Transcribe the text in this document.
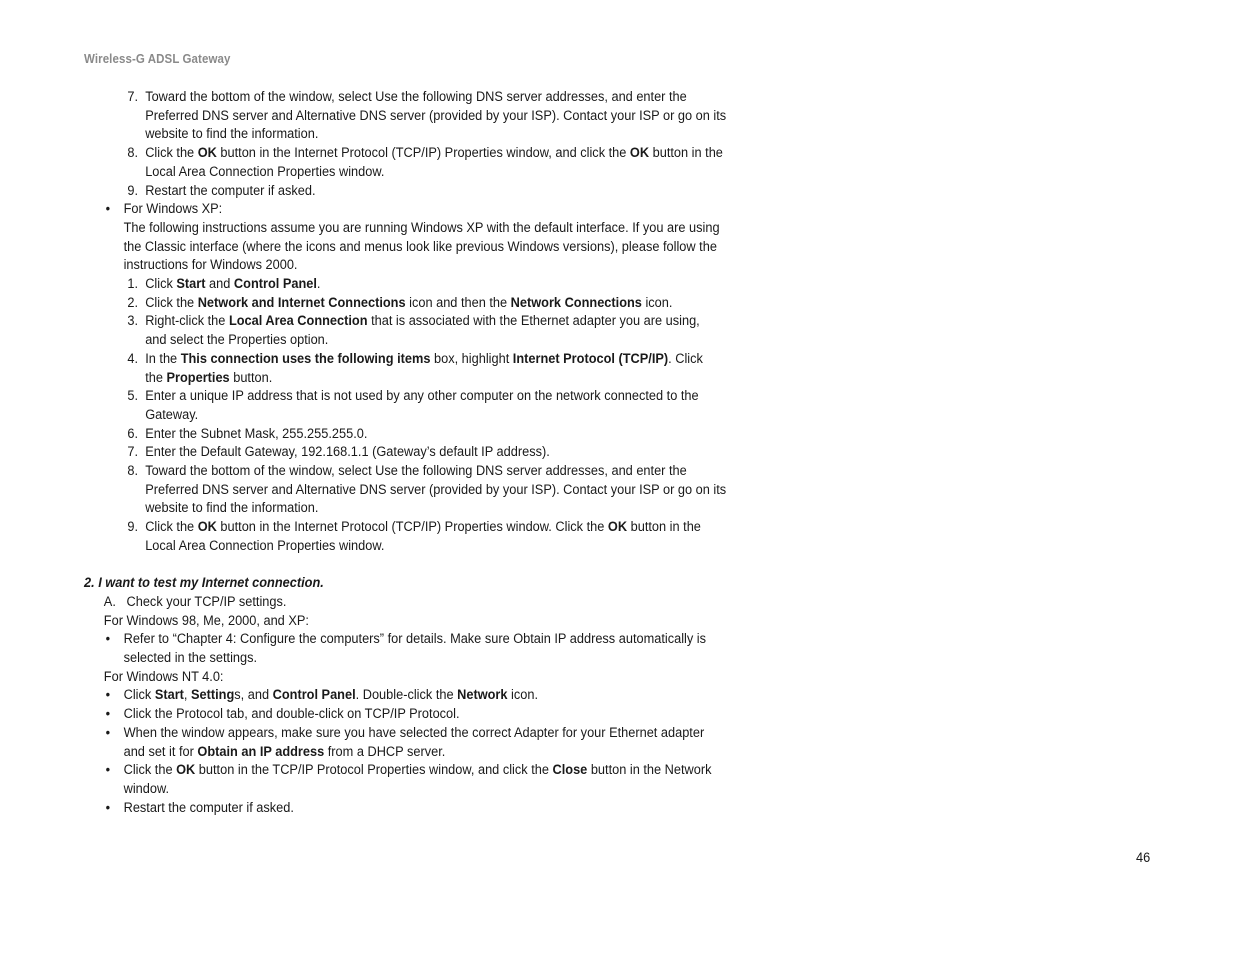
Wireless-G ADSL Gateway
7. Toward the bottom of the window, select Use the following DNS server addresses, and enter the
Preferred DNS server and Alternative DNS server (provided by your ISP). Contact your ISP or go on its
website to find the information.
8. Click the OK button in the Internet Protocol (TCP/IP) Properties window, and click the OK button in the
Local Area Connection Properties window.
9. Restart the computer if asked.
• For Windows XP:
The following instructions assume you are running Windows XP with the default interface. If you are using
the Classic interface (where the icons and menus look like previous Windows versions), please follow the
instructions for Windows 2000.
1. Click Start and Control Panel.
2. Click the Network and Internet Connections icon and then the Network Connections icon.
3. Right-click the Local Area Connection that is associated with the Ethernet adapter you are using,
and select the Properties option.
4. In the This connection uses the following items box, highlight Internet Protocol (TCP/IP). Click
the Properties button.
5. Enter a unique IP address that is not used by any other computer on the network connected to the
Gateway.
6. Enter the Subnet Mask, 255.255.255.0.
7. Enter the Default Gateway, 192.168.1.1 (Gateway’s default IP address).
8. Toward the bottom of the window, select Use the following DNS server addresses, and enter the
Preferred DNS server and Alternative DNS server (provided by your ISP). Contact your ISP or go on its
website to find the information.
9. Click the OK button in the Internet Protocol (TCP/IP) Properties window. Click the OK button in the
Local Area Connection Properties window.
2. I want to test my Internet connection.
A. Check your TCP/IP settings.
For Windows 98, Me, 2000, and XP:
• Refer to “Chapter 4: Configure the computers” for details. Make sure Obtain IP address automatically is
selected in the settings.
For Windows NT 4.0:
• Click Start, Settings, and Control Panel. Double-click the Network icon.
• Click the Protocol tab, and double-click on TCP/IP Protocol.
• When the window appears, make sure you have selected the correct Adapter for your Ethernet adapter
and set it for Obtain an IP address from a DHCP server.
• Click the OK button in the TCP/IP Protocol Properties window, and click the Close button in the Network
window.
• Restart the computer if asked.
46
